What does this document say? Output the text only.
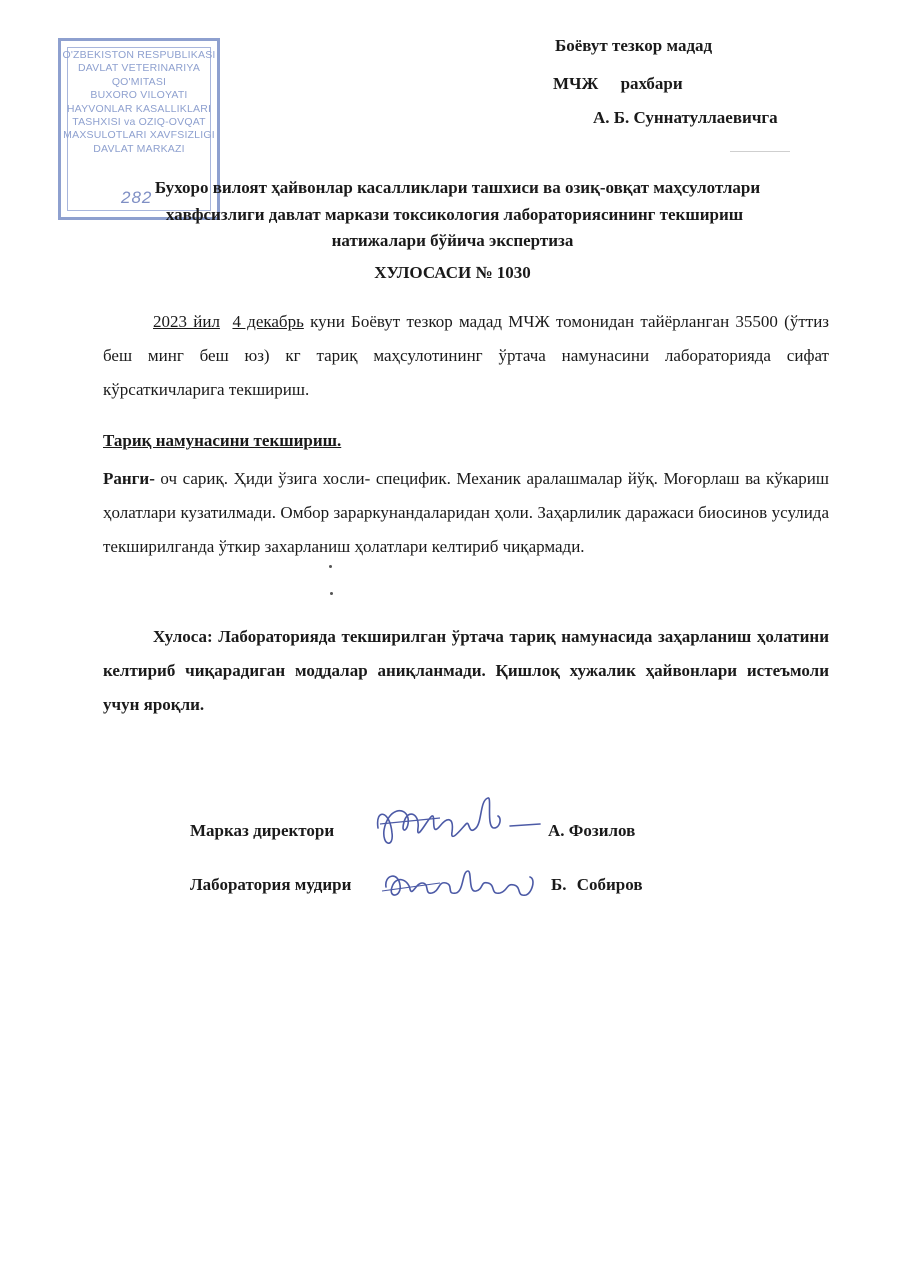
O'ZBEKISTON RESPUBLIKASI
DAVLAT VETERINARIYA
QO'MITASI
BUXORO VILOYATI
HAYVONLAR KASALLIKLARI
TASHXISI va OZIQ-OVQAT
MAXSULOTLARI XAVFSIZLIGI
DAVLAT MARKAZI
282
Боёвут тезкор мадад
МЧЖ рахбари
А. Б. Суннатуллаевичга
Бухоро вилоят ҳайвонлар касалликлари ташхиси ва озиқ-овқат маҳсулотлари
хавфсизлиги давлат маркази токсикология лабораториясининг текшириш
натижалари бўйича экспертиза
ХУЛОСАСИ № 1030
2023 йил 4 декабрь куни Боёвут тезкор мадад МЧЖ томонидан тайёрланган 35500 (ўттиз беш минг беш юз) кг тариқ маҳсулотининг ўртача намунасини лабораторияда сифат кўрсаткичларига текшириш.
Тариқ намунасини текшириш.
Ранги- оч сариқ. Ҳиди ўзига хосли- специфик. Механик аралашмалар йўқ. Моғорлаш ва кўкариш ҳолатлари кузатилмади. Омбор зараркунандаларидан ҳоли. Заҳарлилик даражаси биосинов усулида текширилганда ўткир захарланиш ҳолатлари келтириб чиқармади.
Хулоса: Лабораторияда текширилган ўртача тариқ намунасида заҳарланиш ҳолатини келтириб чиқарадиган моддалар аниқланмади. Қишлоқ хужалик ҳайвонлари истеъмоли учун яроқли.
Марказ директори	А. Фозилов
Лаборатория мудири	Б. Собиров
